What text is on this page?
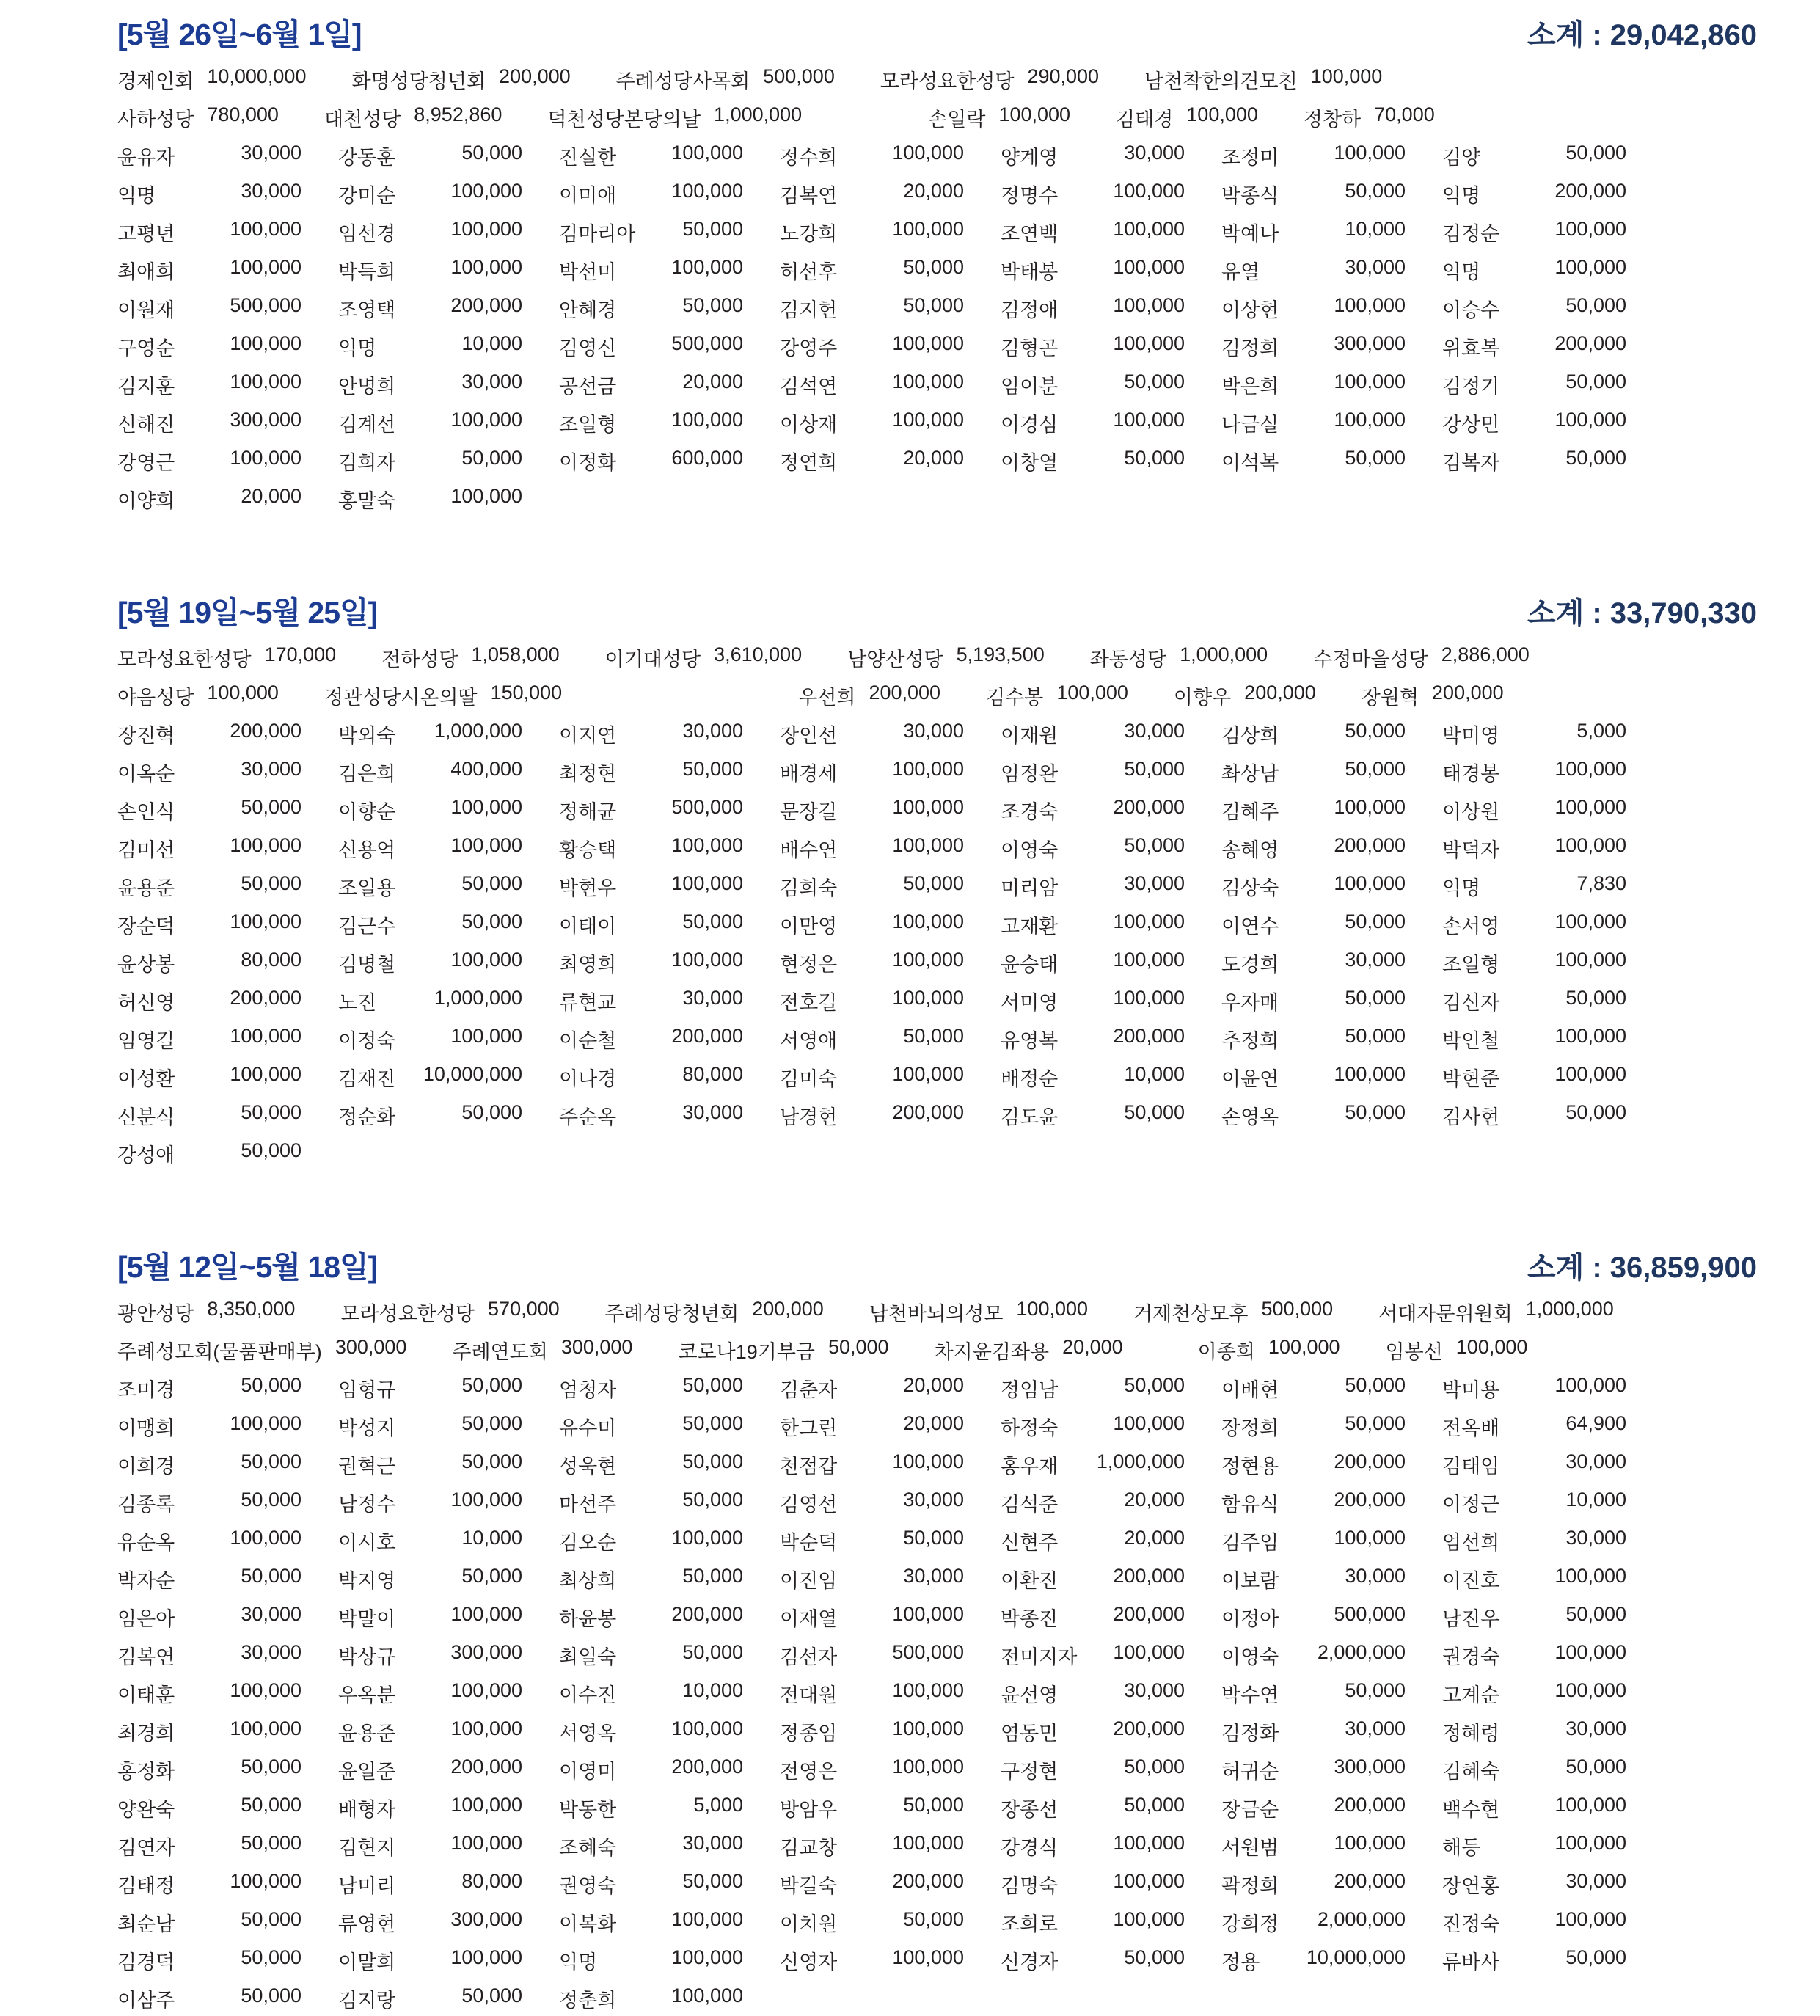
[5월 26일~6월 1일]	소계 : 29,042,860
경제인회 10,000,000 화명성당청년회 200,000 주례성당사목회 500,000 모라성요한성당 290,000 남천착한의견모친 100,000
사하성당 780,000 대천성당 8,952,860 덕천성당본당의날 1,000,000	손일락 100,000 김태경 100,000 정창하 70,000
윤유자	30,000 강동훈	50,000 진실한	100,000 정수희	100,000 양계영	30,000 조정미	100,000 김양	50,000
익명	30,000 강미순	100,000 이미애	100,000 김복연	20,000 정명수	100,000 박종식	50,000 익명	200,000
고평년	100,000 임선경	100,000 김마리아 50,000 노강희	100,000 조연백	100,000 박예나	10,000 김정순	100,000
최애희	100,000 박득희	100,000 박선미	100,000 허선후	50,000 박태봉	100,000 유열	30,000 익명	100,000
이원재	500,000 조영택	200,000 안혜경	50,000 김지헌	50,000 김정애	100,000 이상현	100,000 이승수	50,000
구영순	100,000 익명	10,000 김영신	500,000 강영주	100,000 김형곤	100,000 김정희	300,000 위효복	200,000
김지훈	100,000 안명희	30,000 공선금	20,000 김석연	100,000 임이분	50,000 박은희	100,000 김정기	50,000
신해진	300,000 김계선	100,000 조일형	100,000 이상재	100,000 이경심	100,000 나금실	100,000 강상민	100,000
강영근	100,000 김희자	50,000 이정화	600,000 정연희	20,000 이창열	50,000 이석복	50,000 김복자	50,000
이양희	20,000 홍말숙	100,000
[5월 19일~5월 25일]	소계 : 33,790,330
모라성요한성당 170,000 전하성당 1,058,000 이기대성당 3,610,000 남양산성당 5,193,500 좌동성당 1,000,000 수정마을성당 2,886,000
야음성당 100,000 정관성당시온의딸 150,000	우선희 200,000 김수봉 100,000 이향우 200,000 장원혁 200,000
장진혁	200,000 박외숙 1,000,000 이지연	30,000 장인선	30,000 이재원	30,000 김상희	50,000 박미영	5,000
이옥순	30,000 김은희	400,000 최정현	50,000 배경세	100,000 임정완	50,000 촤상남	50,000 태경봉	100,000
손인식	50,000 이향순	100,000 정해균	500,000 문장길	100,000 조경숙	200,000 김혜주	100,000 이상원	100,000
김미선	100,000 신용억	100,000 황승택	100,000 배수연	100,000 이영숙	50,000 송혜영	200,000 박덕자	100,000
윤용준	50,000 조일용	50,000 박현우	100,000 김희숙	50,000 미리암	30,000 김상숙	100,000 익명	7,830
장순덕	100,000 김근수	50,000 이태이	50,000 이만영	100,000 고재환	100,000 이연수	50,000 손서영	100,000
윤상봉	80,000 김명철	100,000 최영희	100,000 현정은	100,000 윤승태	100,000 도경희	30,000 조일형	100,000
허신영	200,000 노진	1,000,000 류현교	30,000 전호길	100,000 서미영	100,000 우자매	50,000 김신자	50,000
임영길	100,000 이정숙	100,000 이순철	200,000 서영애	50,000 유영복	200,000 추정희	50,000 박인철	100,000
이성환	100,000 김재진 10,000,000 이나경	80,000 김미숙	100,000 배정순	10,000 이윤연	100,000 박현준	100,000
신분식	50,000 정순화	50,000 주순옥	30,000 남경현	200,000 김도윤	50,000 손영옥	50,000 김사현	50,000
강성애	50,000
[5월 12일~5월 18일]	소계 : 36,859,900
광안성당 8,350,000 모라성요한성당 570,000 주례성당청년회 200,000 남천바뇌의성모 100,000 거제천상모후 500,000 서대자문위원회 1,000,000
주례성모회(물품판매부) 300,000 주례연도회 300,000 코로나19기부금 50,000 차지윤김좌용 20,000	이종희 100,000 임봉선 100,000
조미경	50,000 임형규	50,000 엄청자	50,000 김춘자	20,000 정임남	50,000 이배현	50,000 박미용	100,000
이맹희	100,000 박성지	50,000 유수미	50,000 한그린	20,000 하정숙	100,000 장정희	50,000 전옥배	64,900
이희경	50,000 권혁근	50,000 성욱현	50,000 천점갑	100,000 홍우재 1,000,000 정현용	200,000 김태임	30,000
김종록	50,000 남정수	100,000 마선주	50,000 김영선	30,000 김석준	20,000 함유식	200,000 이정근	10,000
유순옥	100,000 이시호	10,000 김오순	100,000 박순덕	50,000 신현주	20,000 김주임	100,000 엄선희	30,000
박자순	50,000 박지영	50,000 최상희	50,000 이진임	30,000 이환진	200,000 이보람	30,000 이진호	100,000
임은아	30,000 박말이	100,000 하윤봉	200,000 이재열	100,000 박종진	200,000 이정아	500,000 남진우	50,000
김복연	30,000 박상규	300,000 최일숙	50,000 김선자	500,000 전미지자 100,000 이영숙 2,000,000 권경숙	100,000
이태훈	100,000 우옥분	100,000 이수진	10,000 전대원	100,000 윤선영	30,000 박수연	50,000 고계순	100,000
최경희	100,000 윤용준	100,000 서영옥	100,000 정종임	100,000 염동민	200,000 김정화	30,000 정혜령	30,000
홍정화	50,000 윤일준	200,000 이영미	200,000 전영은	100,000 구정현	50,000 허귀순	300,000 김혜숙	50,000
양완숙	50,000 배형자	100,000 박동한	5,000 방암우	50,000 장종선	50,000 장금순	200,000 백수현	100,000
김연자	50,000 김현지	100,000 조혜숙	30,000 김교창	100,000 강경식	100,000 서원범	100,000 해등	100,000
김태정	100,000 남미리	80,000 권영숙	50,000 박길숙	200,000 김명숙	100,000 곽정희	200,000 장연홍	30,000
최순남	50,000 류영현	300,000 이복화	100,000 이치원	50,000 조희로	100,000 강희정 2,000,000 진정숙	100,000
김경덕	50,000 이말희	100,000 익명	100,000 신영자	100,000 신경자	50,000 정용 10,000,000 류바사	50,000
이삼주	50,000 김지랑	50,000 정춘희	100,000
